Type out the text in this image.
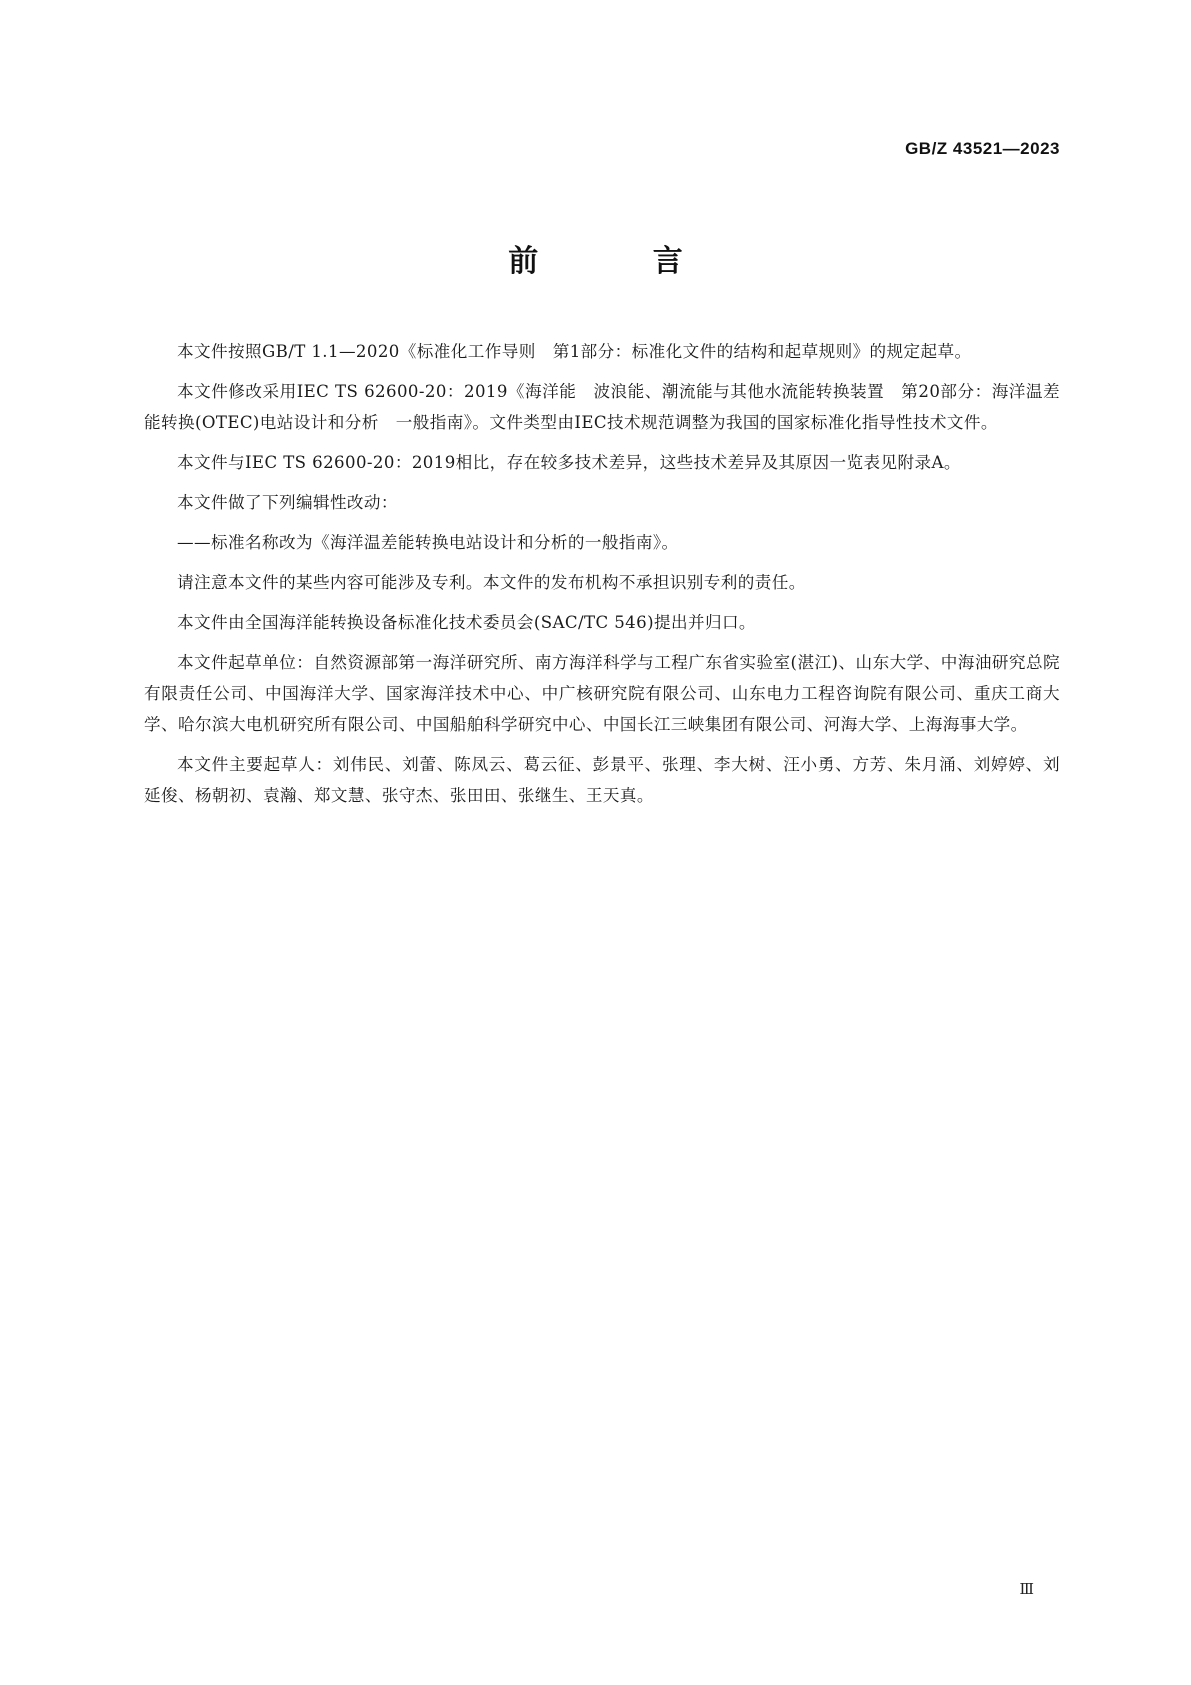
GB/Z 43521—2023
前 言

本文件按照GB/T 1.1—2020《标准化工作导则　第1部分：标准化文件的结构和起草规则》的规定起草。

本文件修改采用IEC TS 62600-20：2019《海洋能　波浪能、潮流能与其他水流能转换装置　第20部分：海洋温差能转换(OTEC)电站设计和分析　一般指南》。文件类型由IEC技术规范调整为我国的国家标准化指导性技术文件。

本文件与IEC TS 62600-20：2019相比，存在较多技术差异，这些技术差异及其原因一览表见附录A。

本文件做了下列编辑性改动：

——标准名称改为《海洋温差能转换电站设计和分析的一般指南》。

请注意本文件的某些内容可能涉及专利。本文件的发布机构不承担识别专利的责任。

本文件由全国海洋能转换设备标准化技术委员会(SAC/TC 546)提出并归口。

本文件起草单位：自然资源部第一海洋研究所、南方海洋科学与工程广东省实验室(湛江)、山东大学、中海油研究总院有限责任公司、中国海洋大学、国家海洋技术中心、中广核研究院有限公司、山东电力工程咨询院有限公司、重庆工商大学、哈尔滨大电机研究所有限公司、中国船舶科学研究中心、中国长江三峡集团有限公司、河海大学、上海海事大学。

本文件主要起草人：刘伟民、刘蕾、陈凤云、葛云征、彭景平、张理、李大树、汪小勇、方芳、朱月涌、刘婷婷、刘延俊、杨朝初、袁瀚、郑文慧、张守杰、张田田、张继生、王天真。

Ⅲ
